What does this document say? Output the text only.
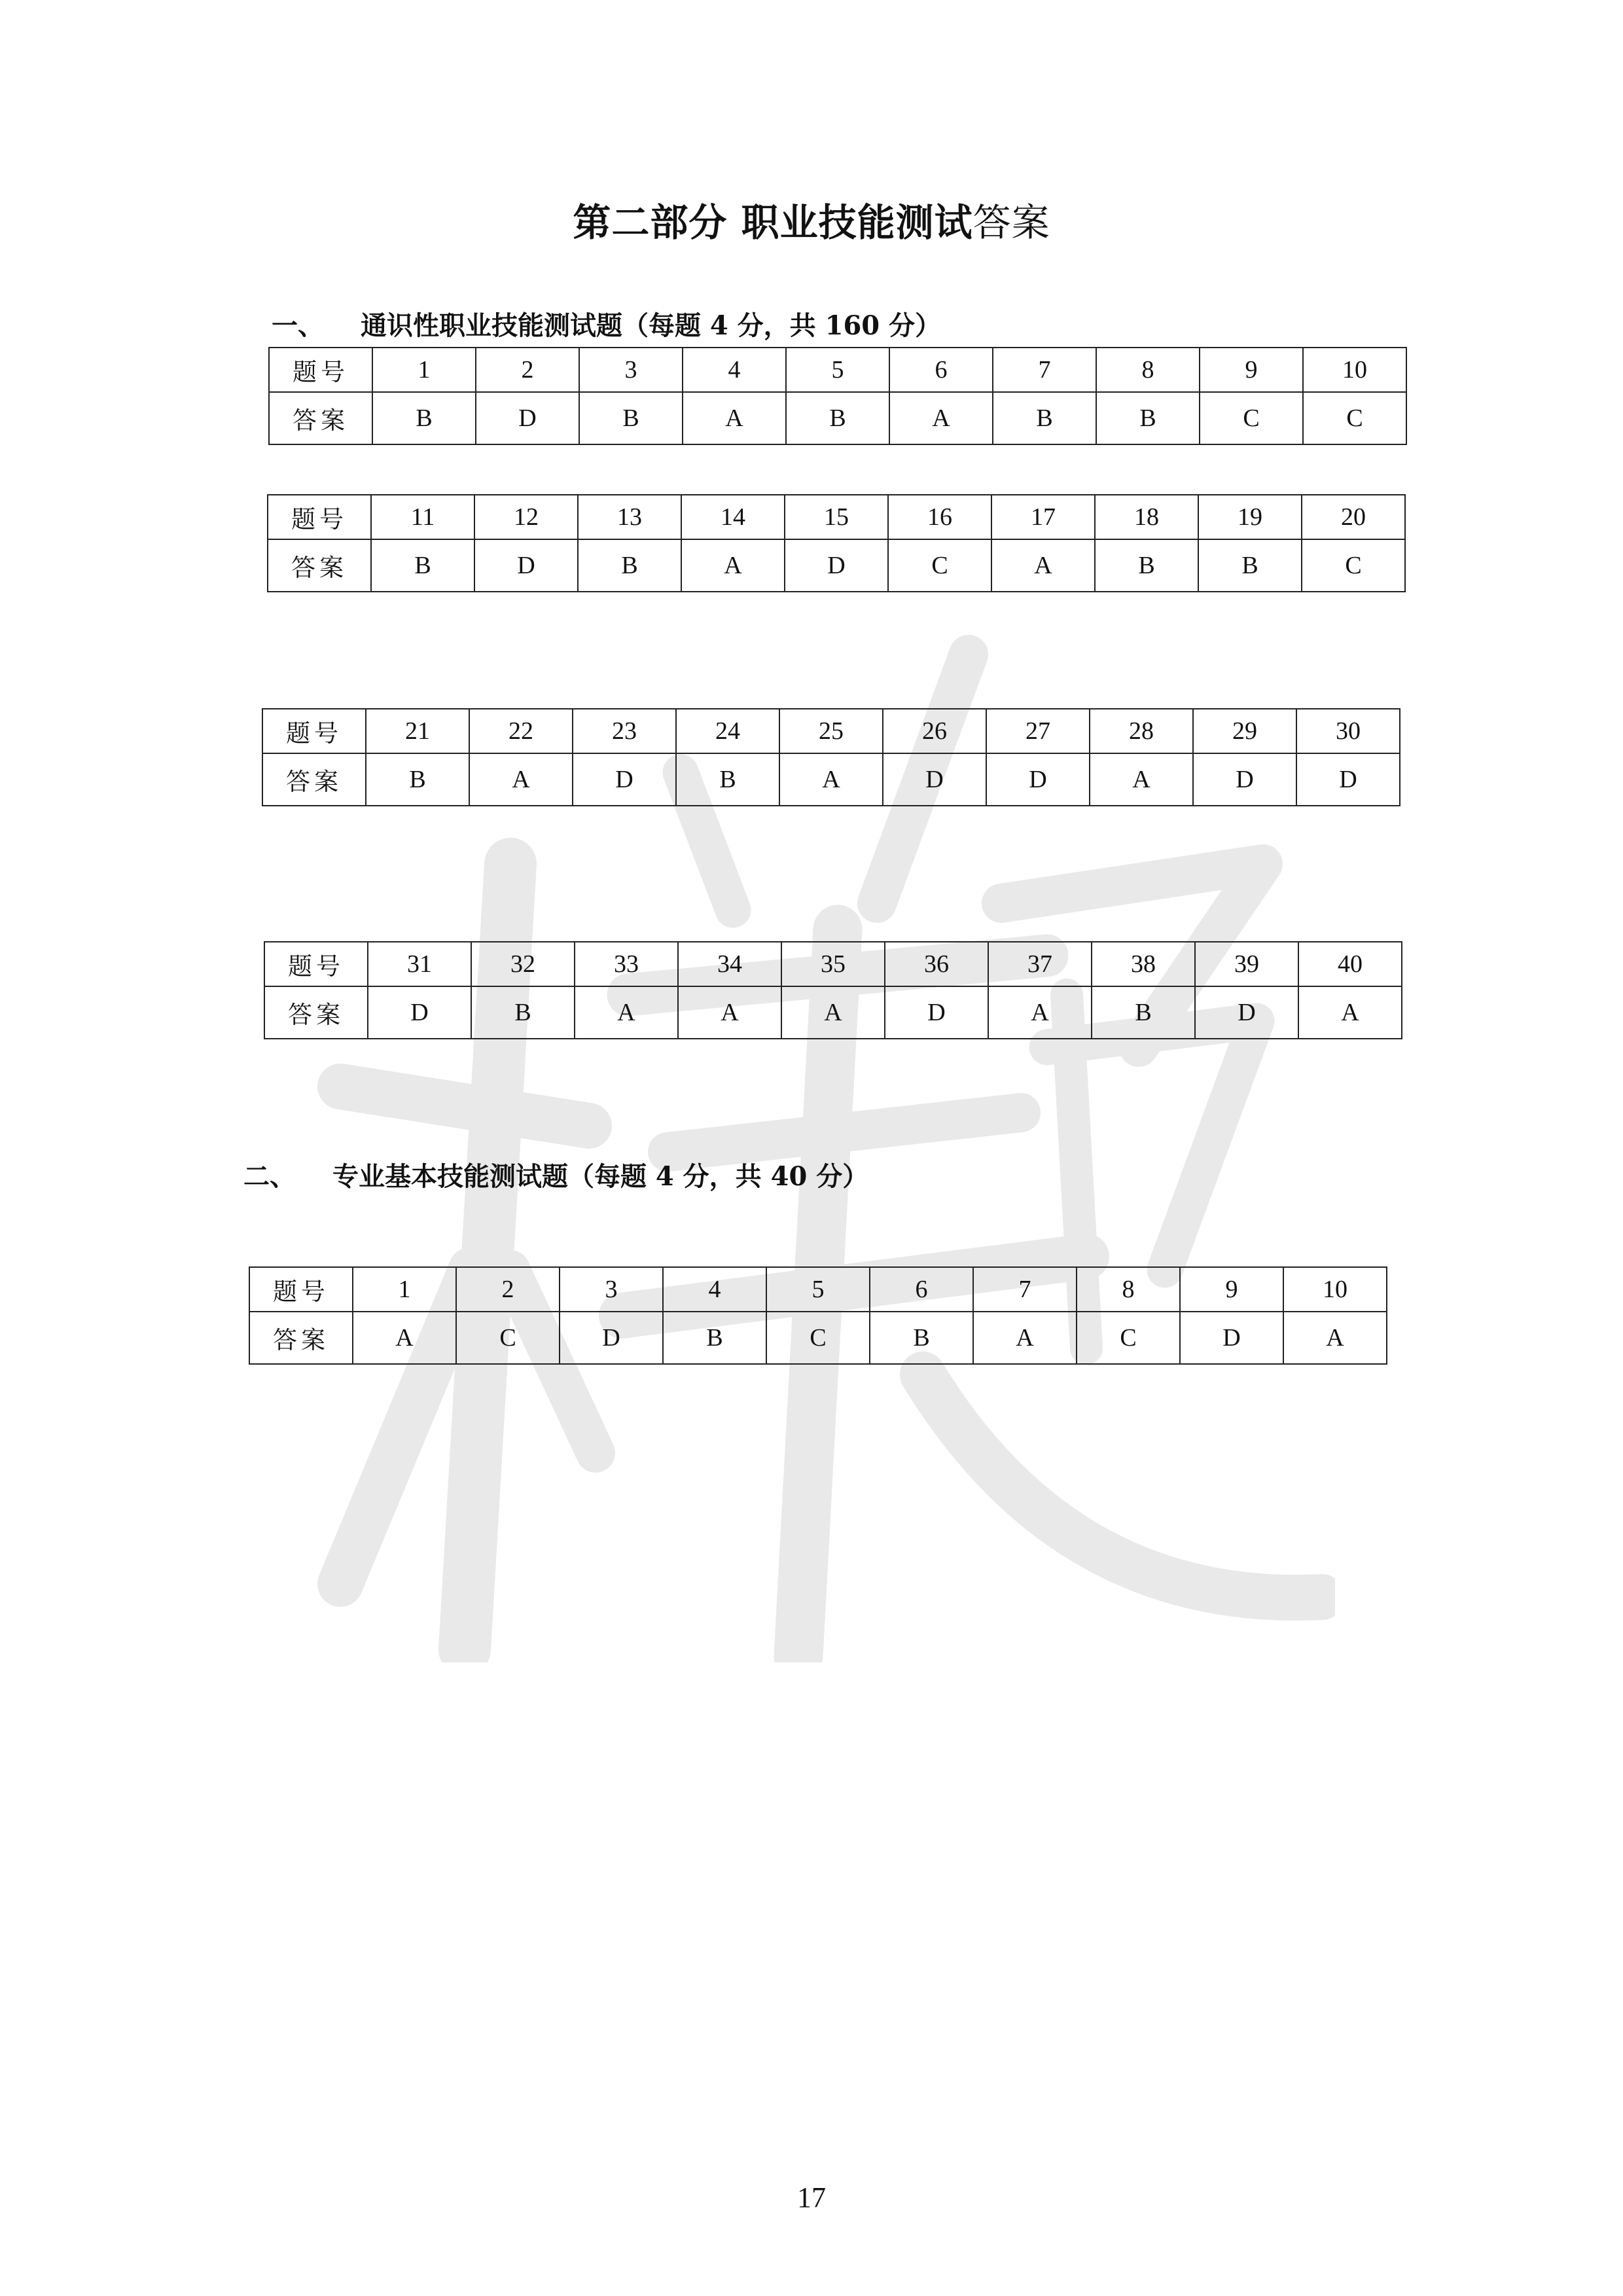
第二部分 职业技能测试答案
一、 通识性职业技能测试题（每题 4 分，共 160 分）
题号	1	2	3	4	5	6	7	8	9	10
答案	B	D	B	A	B	A	B	B	C	C
题号	11	12	13	14	15	16	17	18	19	20
答案	B	D	B	A	D	C	A	B	B	C
题号	21	22	23	24	25	26	27	28	29	30
答案	B	A	D	B	A	D	D	A	D	D
题号	31	32	33	34	35	36	37	38	39	40
答案	D	B	A	A	A	D	A	B	D	A
二、 专业基本技能测试题（每题 4 分，共 40 分）
题号	1	2	3	4	5	6	7	8	9	10
答案	A	C	D	B	C	B	A	C	D	A
17
